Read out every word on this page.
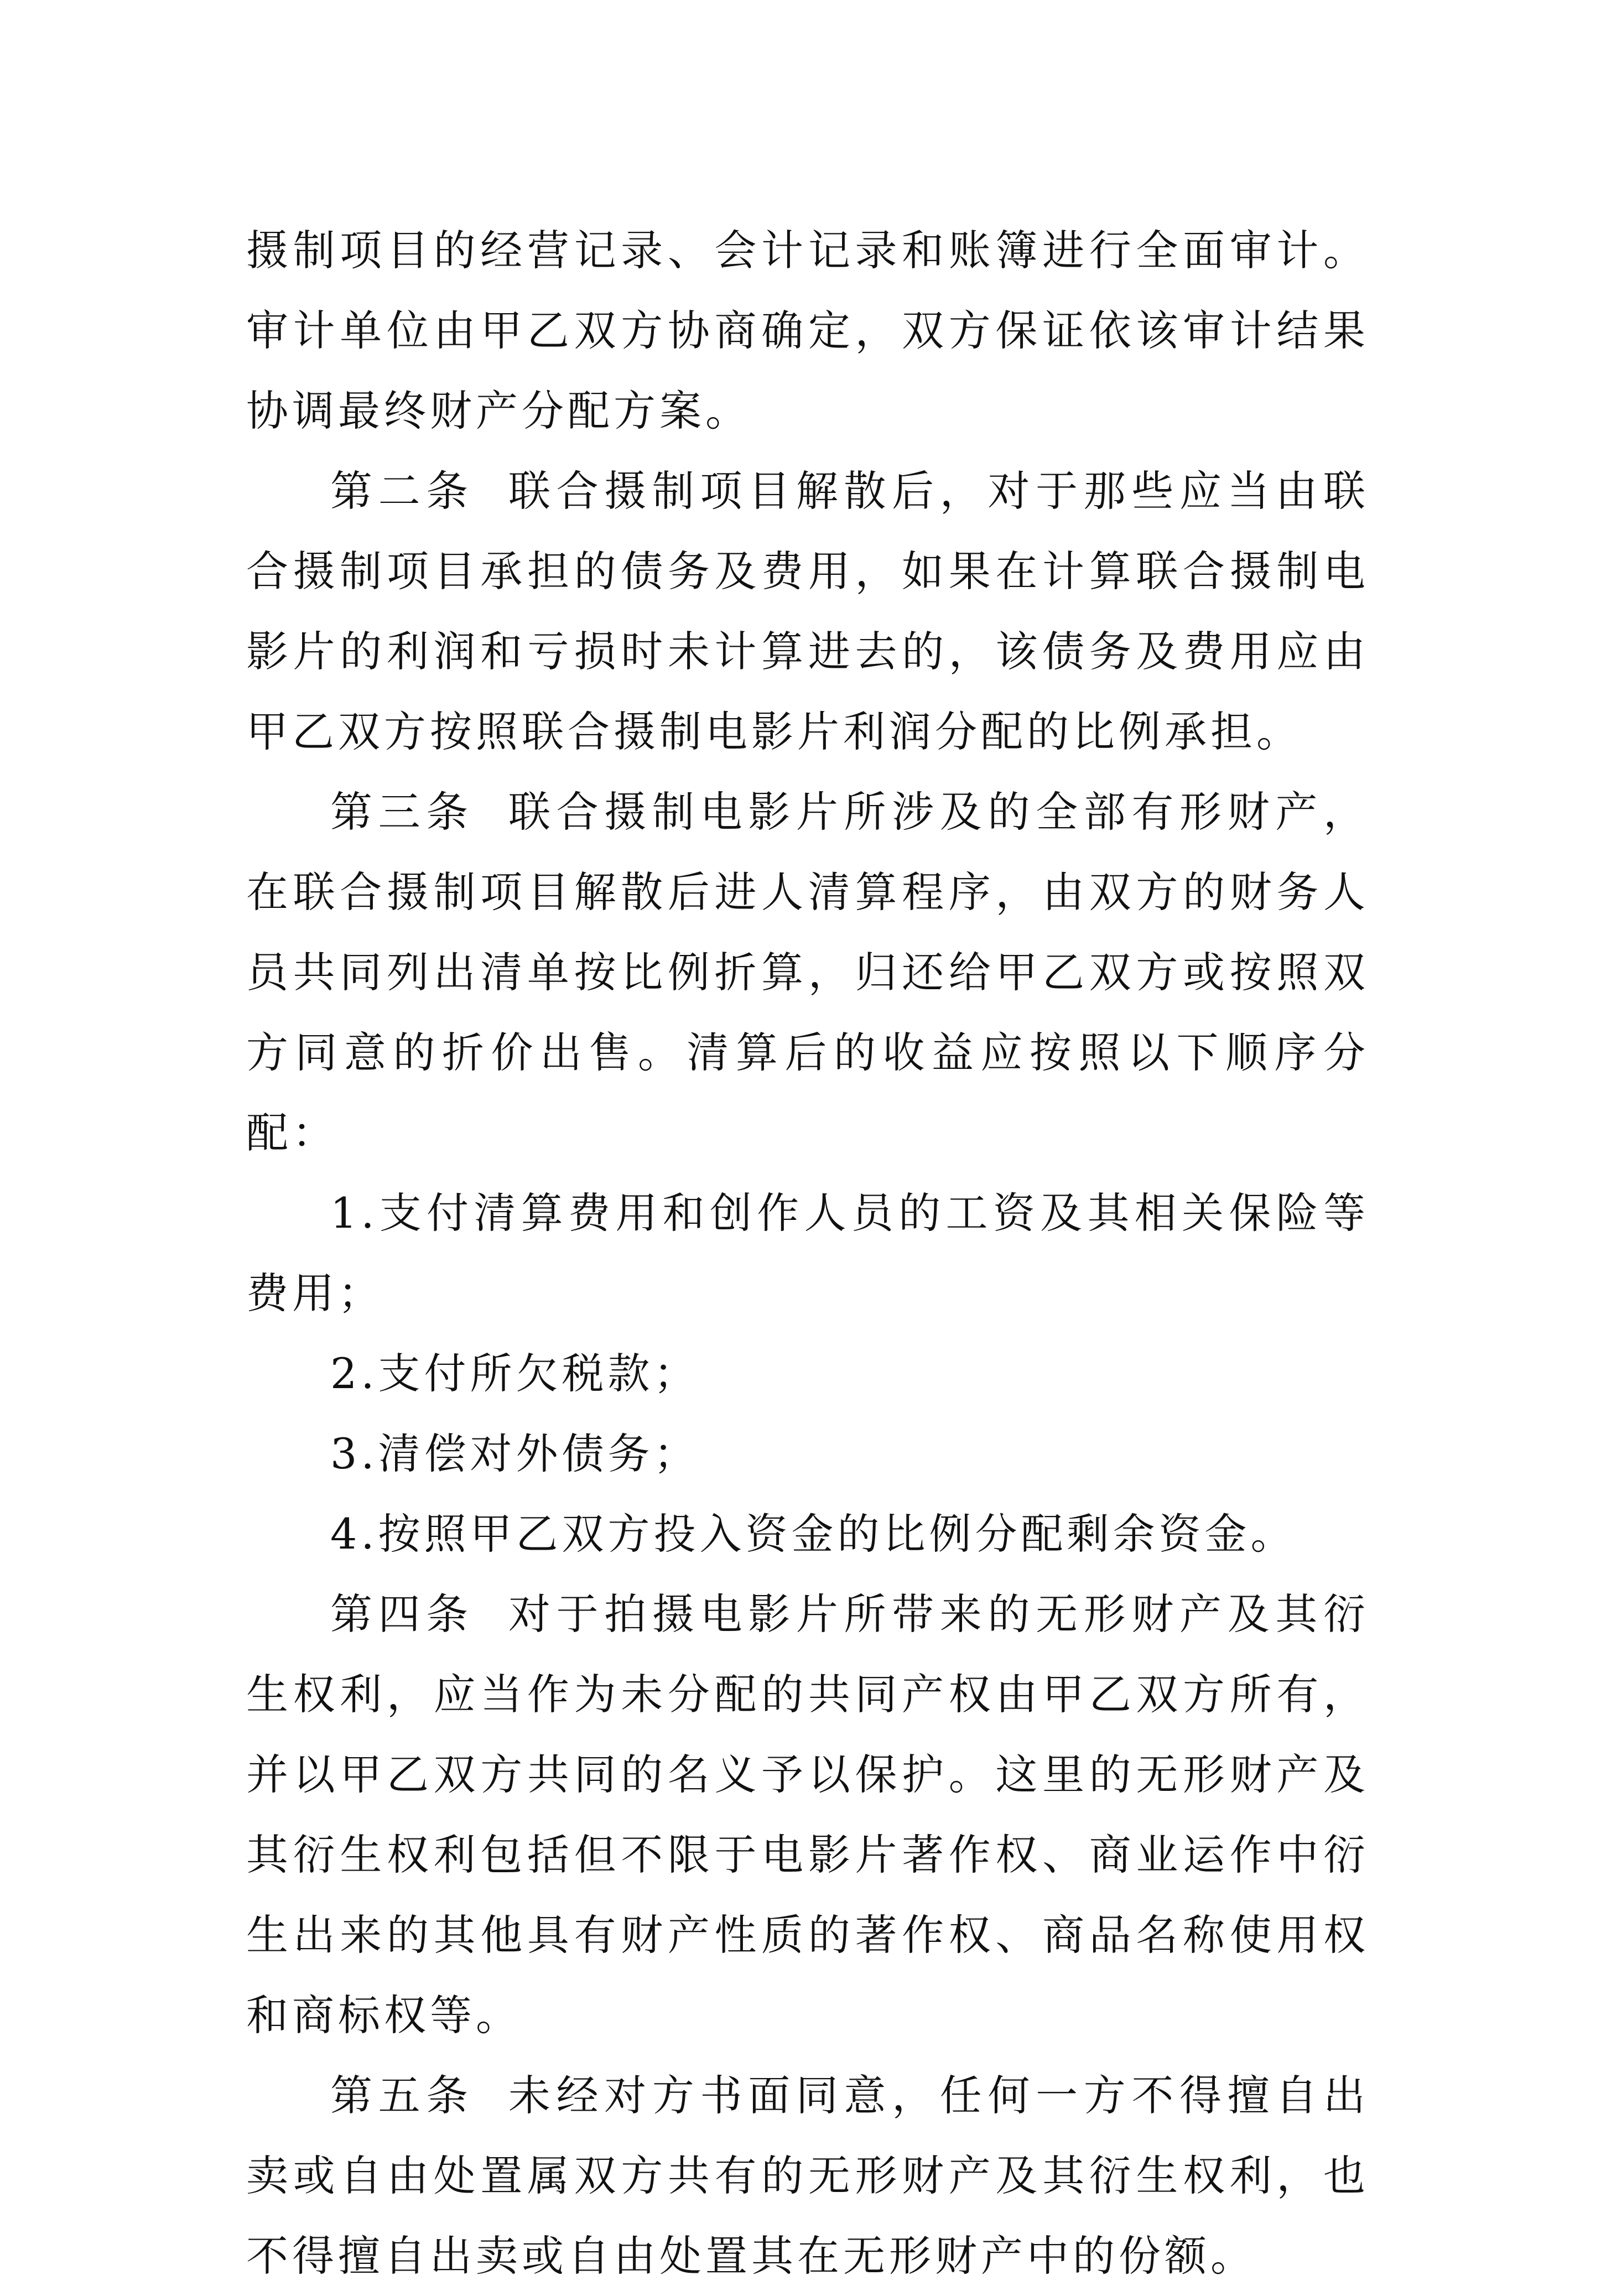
摄制项目的经营记录、会计记录和账簿进行全面审计。审计单位由甲乙双方协商确定，双方保证依该审计结果协调最终财产分配方案。

第二条 联合摄制项目解散后，对于那些应当由联合摄制项目承担的债务及费用，如果在计算联合摄制电影片的利润和亏损时未计算进去的，该债务及费用应由甲乙双方按照联合摄制电影片利润分配的比例承担。

第三条 联合摄制电影片所涉及的全部有形财产，在联合摄制项目解散后进人清算程序，由双方的财务人员共同列出清单按比例折算，归还给甲乙双方或按照双方同意的折价出售。清算后的收益应按照以下顺序分配：

1.支付清算费用和创作人员的工资及其相关保险等费用；

2.支付所欠税款；

3.清偿对外债务；

4.按照甲乙双方投入资金的比例分配剩余资金。

第四条 对于拍摄电影片所带来的无形财产及其衍生权利，应当作为未分配的共同产权由甲乙双方所有，并以甲乙双方共同的名义予以保护。这里的无形财产及其衍生权利包括但不限于电影片著作权、商业运作中衍生出来的其他具有财产性质的著作权、商品名称使用权和商标权等。

第五条 未经对方书面同意，任何一方不得擅自出卖或自由处置属双方共有的无形财产及其衍生权利，也不得擅自出卖或自由处置其在无形财产中的份额。
